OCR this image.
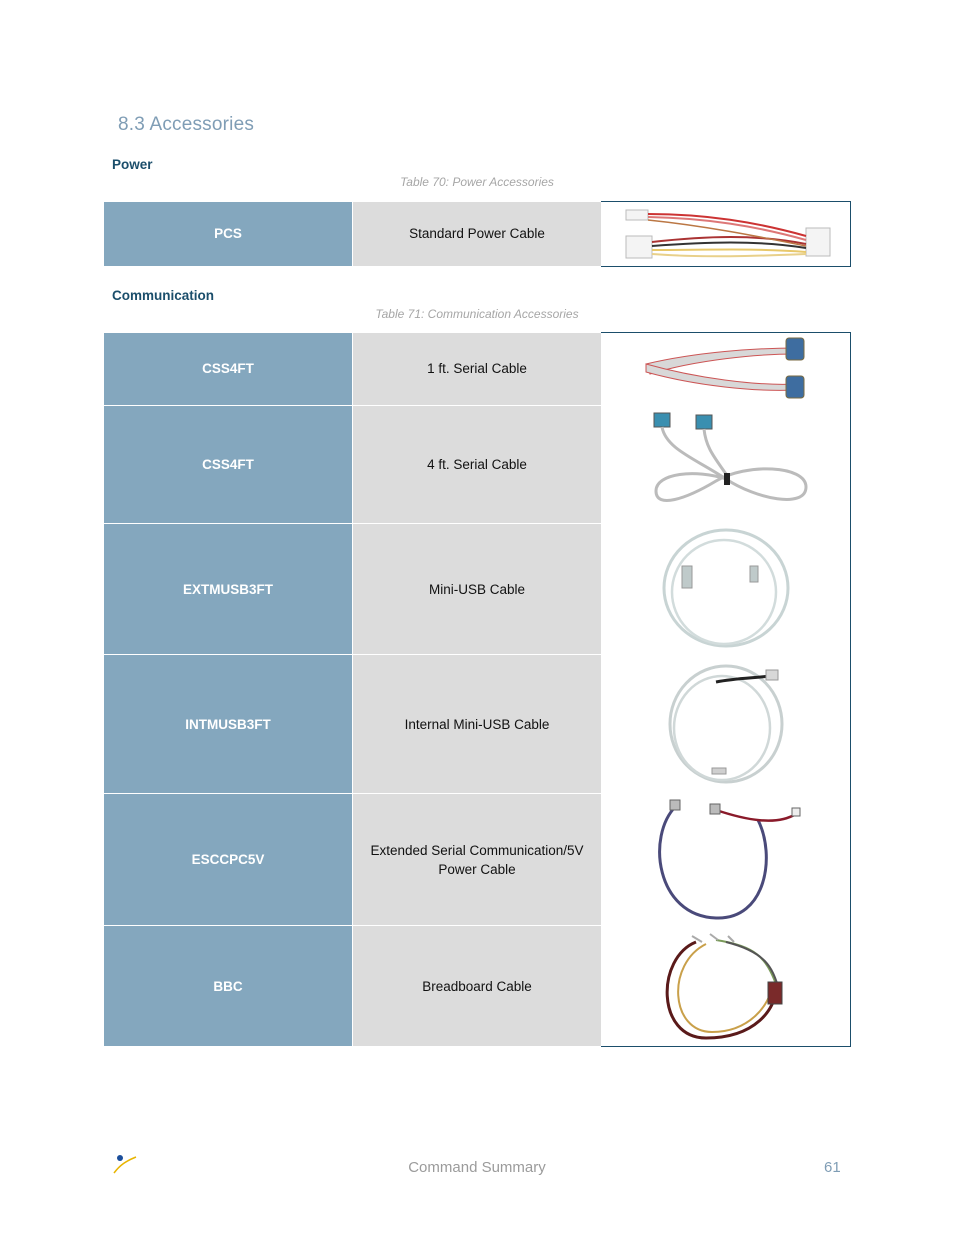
8.3 Accessories
Power
Table 70: Power Accessories
PCS	Standard Power Cable	
Communication
Table 71: Communication Accessories
CSS4FT	1 ft. Serial Cable	

CSS4FT	4 ft. Serial Cable	

EXTMUSB3FT	Mini-USB Cable	

INTMUSB3FT	Internal Mini-USB Cable	

ESCCPC5V	Extended Serial Communication/5V Power Cable	

BBC	Breadboard Cable	
Command Summary	61
